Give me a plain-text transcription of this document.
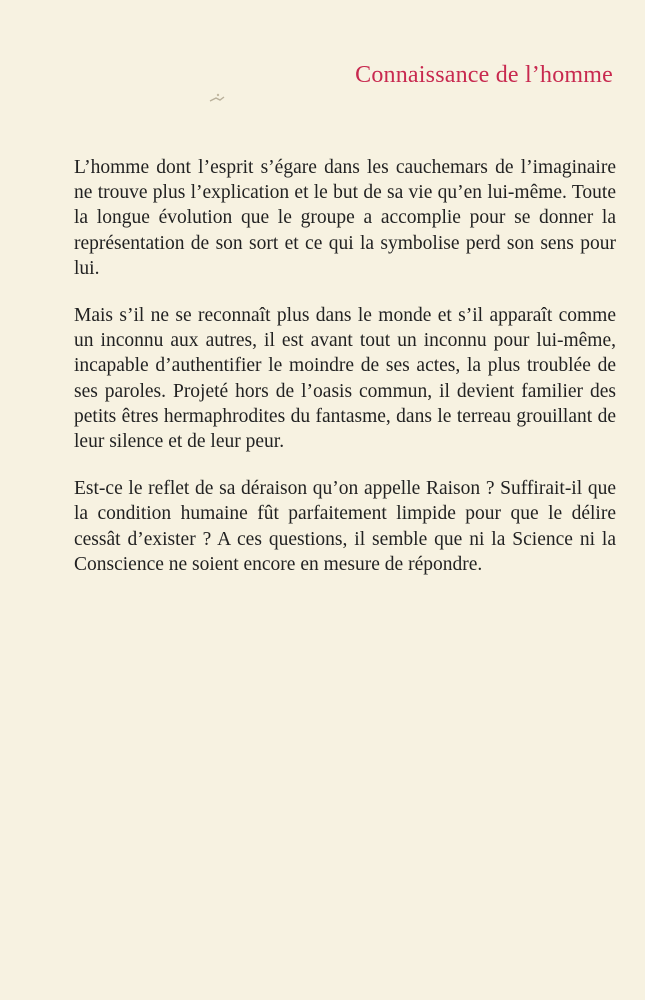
Connaissance de l’homme

L’homme dont l’esprit s’égare dans les cauchemars de l’imaginaire ne trouve plus l’explication et le but de sa vie qu’en lui-même. Toute la longue évolution que le groupe a accomplie pour se donner la représentation de son sort et ce qui la symbolise perd son sens pour lui.

Mais s’il ne se reconnaît plus dans le monde et s’il apparaît comme un inconnu aux autres, il est avant tout un inconnu pour lui-même, incapable d’authentifier le moindre de ses actes, la plus troublée de ses paroles. Projeté hors de l’oasis commun, il devient familier des petits êtres hermaphrodites du fantasme, dans le terreau grouillant de leur silence et de leur peur.

Est-ce le reflet de sa déraison qu’on appelle Raison ? Suffirait-il que la condition humaine fût parfaitement limpide pour que le délire cessât d’exister ? A ces questions, il semble que ni la Science ni la Conscience ne soient encore en mesure de répondre.
